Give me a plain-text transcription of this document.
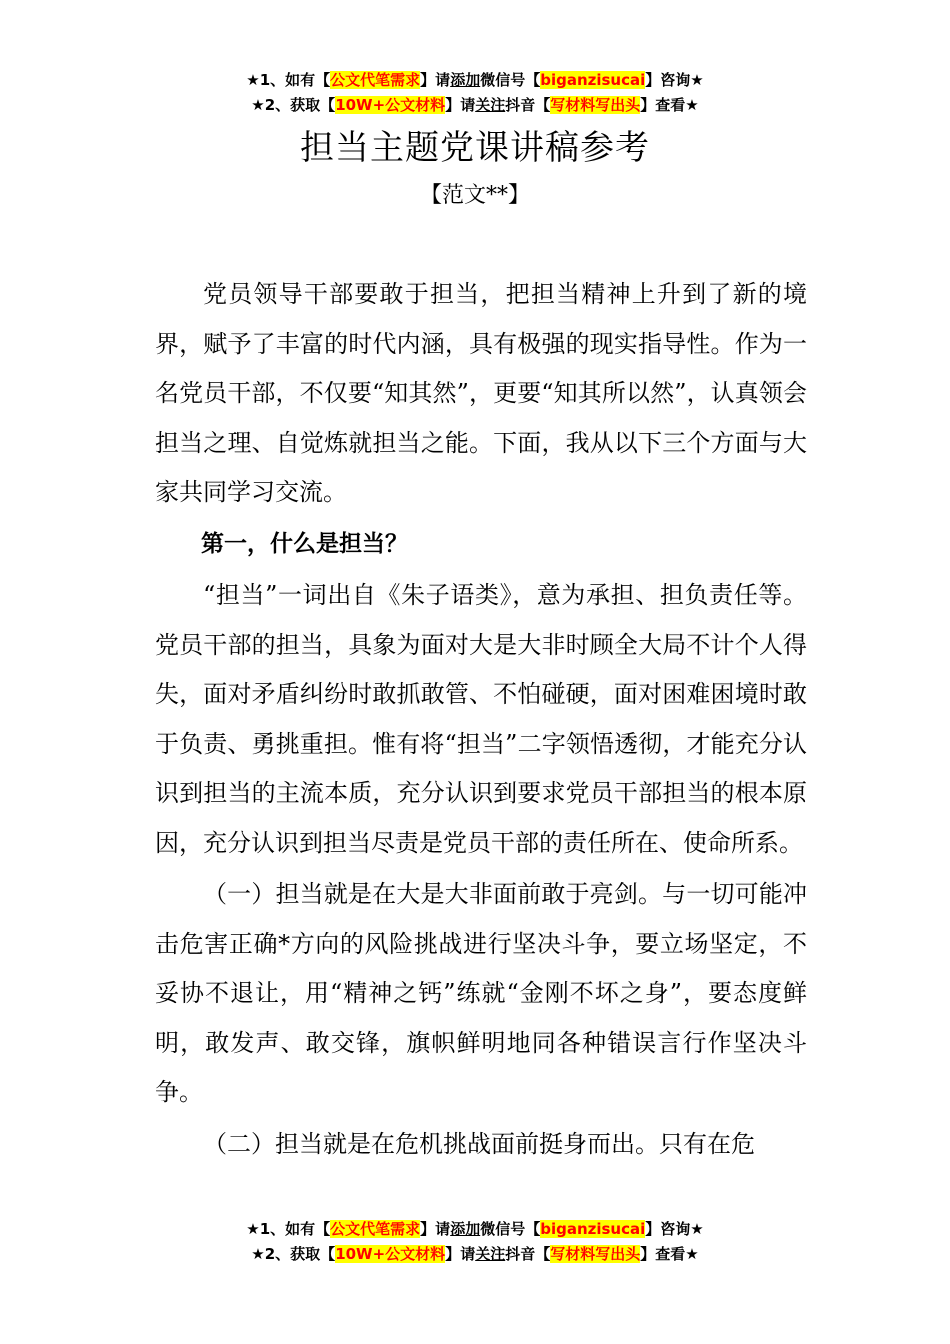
★1、如有【公文代笔需求】请添加微信号【biganzisucai】咨询★
★2、获取【10W+公文材料】请关注抖音【写材料写出头】查看★
担当主题党课讲稿参考
【范文**】

党员领导干部要敢于担当，把担当精神上升到了新的境界，赋予了丰富的时代内涵，具有极强的现实指导性。作为一名党员干部，不仅要“知其然”，更要“知其所以然”，认真领会担当之理、自觉炼就担当之能。下面，我从以下三个方面与大家共同学习交流。

第一，什么是担当？

“担当”一词出自《朱子语类》，意为承担、担负责任等。党员干部的担当，具象为面对大是大非时顾全大局不计个人得失，面对矛盾纠纷时敢抓敢管、不怕碰硬，面对困难困境时敢于负责、勇挑重担。惟有将“担当”二字领悟透彻，才能充分认识到担当的主流本质，充分认识到要求党员干部担当的根本原因，充分认识到担当尽责是党员干部的责任所在、使命所系。

（一）担当就是在大是大非面前敢于亮剑。与一切可能冲击危害正确*方向的风险挑战进行坚决斗争，要立场坚定，不妥协不退让，用“精神之钙”练就“金刚不坏之身”，要态度鲜明，敢发声、敢交锋，旗帜鲜明地同各种错误言行作坚决斗争。

（二）担当就是在危机挑战面前挺身而出。只有在危

★1、如有【公文代笔需求】请添加微信号【biganzisucai】咨询★
★2、获取【10W+公文材料】请关注抖音【写材料写出头】查看★
